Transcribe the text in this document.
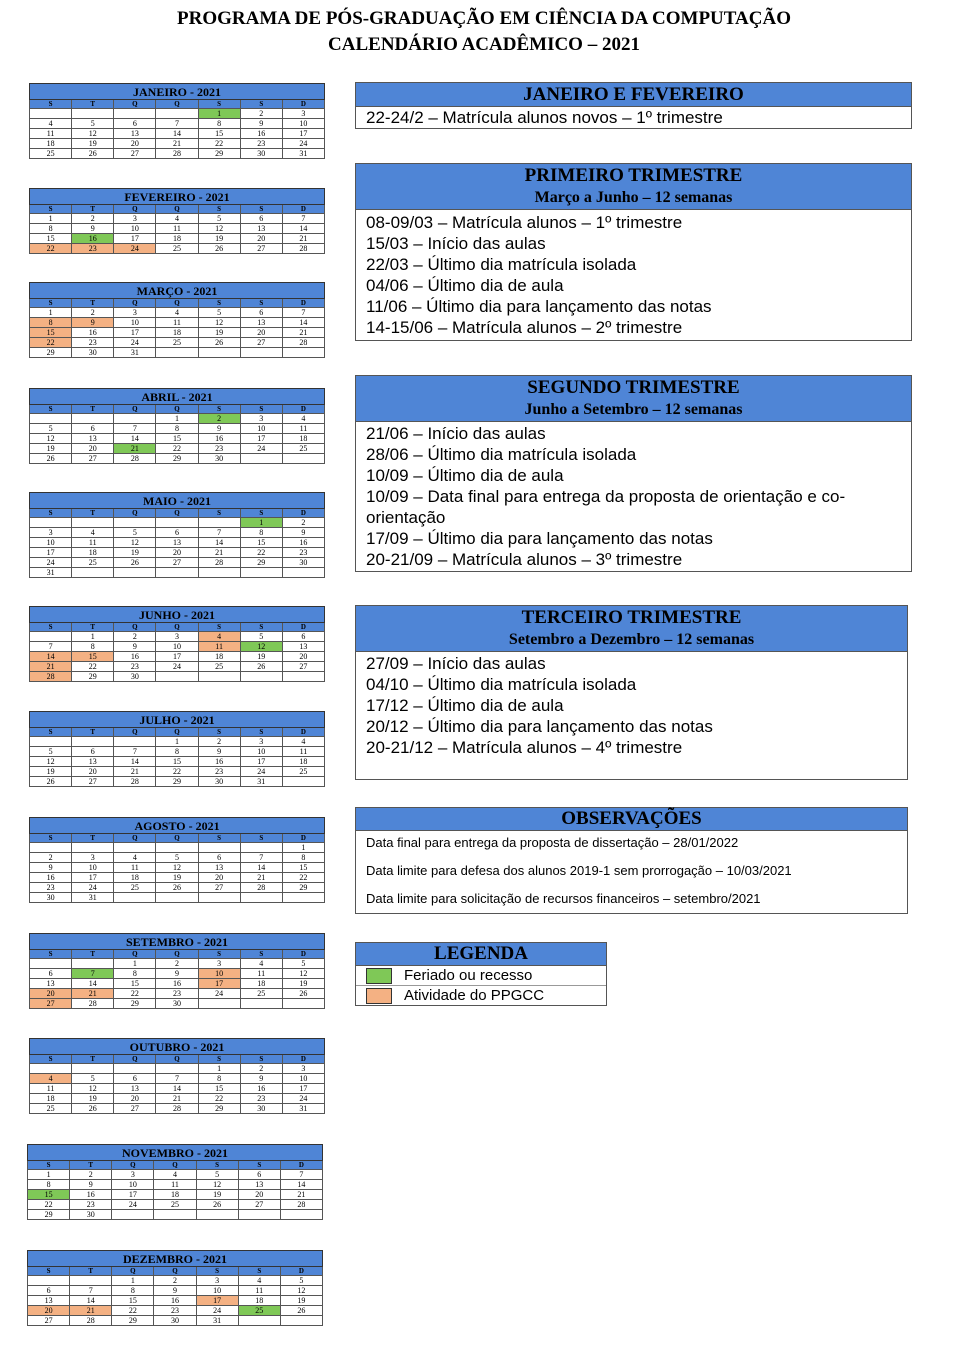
PROGRAMA DE PÓS-GRADUAÇÃO EM CIÊNCIA DA COMPUTAÇÃO
CALENDÁRIO ACADÊMICO – 2021
JANEIRO - 2021						
S	T	Q	Q	S	S	D
				1	2	3
4	5	6	7	8	9	10
11	12	13	14	15	16	17
18	19	20	21	22	23	24
25	26	27	28	29	30	31
FEVEREIRO - 2021						
S	T	Q	Q	S	S	D
1	2	3	4	5	6	7
8	9	10	11	12	13	14
15	16	17	18	19	20	21
22	23	24	25	26	27	28
MARÇO - 2021						
S	T	Q	Q	S	S	D
1	2	3	4	5	6	7
8	9	10	11	12	13	14
15	16	17	18	19	20	21
22	23	24	25	26	27	28
29	30	31				
ABRIL - 2021						
S	T	Q	Q	S	S	D
			1	2	3	4
5	6	7	8	9	10	11
12	13	14	15	16	17	18
19	20	21	22	23	24	25
26	27	28	29	30		
MAIO - 2021						
S	T	Q	Q	S	S	D
					1	2
3	4	5	6	7	8	9
10	11	12	13	14	15	16
17	18	19	20	21	22	23
24	25	26	27	28	29	30
31						
JUNHO - 2021						
S	T	Q	Q	S	S	D
	1	2	3	4	5	6
7	8	9	10	11	12	13
14	15	16	17	18	19	20
21	22	23	24	25	26	27
28	29	30				
JULHO - 2021						
S	T	Q	Q	S	S	D
			1	2	3	4
5	6	7	8	9	10	11
12	13	14	15	16	17	18
19	20	21	22	23	24	25
26	27	28	29	30	31	
AGOSTO - 2021						
S	T	Q	Q	S	S	D
						1
2	3	4	5	6	7	8
9	10	11	12	13	14	15
16	17	18	19	20	21	22
23	24	25	26	27	28	29
30	31					
SETEMBRO - 2021						
S	T	Q	Q	S	S	D
		1	2	3	4	5
6	7	8	9	10	11	12
13	14	15	16	17	18	19
20	21	22	23	24	25	26
27	28	29	30			
OUTUBRO - 2021						
S	T	Q	Q	S	S	D
				1	2	3
4	5	6	7	8	9	10
11	12	13	14	15	16	17
18	19	20	21	22	23	24
25	26	27	28	29	30	31
NOVEMBRO - 2021						
S	T	Q	Q	S	S	D
1	2	3	4	5	6	7
8	9	10	11	12	13	14
15	16	17	18	19	20	21
22	23	24	25	26	27	28
29	30					
DEZEMBRO - 2021						
S	T	Q	Q	S	S	D
		1	2	3	4	5
6	7	8	9	10	11	12
13	14	15	16	17	18	19
20	21	22	23	24	25	26
27	28	29	30	31		
JANEIRO E FEVEREIRO
22-24/2 – Matrícula alunos novos – 1º trimestre
PRIMEIRO TRIMESTRE
Março a Junho – 12 semanas
08-09/03 – Matrícula alunos – 1º trimestre
15/03 – Início das aulas
22/03 – Último dia matrícula isolada
04/06 – Último dia de aula
11/06 – Último dia para lançamento das notas
14-15/06 – Matrícula alunos – 2º trimestre
SEGUNDO TRIMESTRE
Junho a Setembro – 12 semanas
21/06 – Início das aulas
28/06 – Último dia matrícula isolada
10/09 – Último dia de aula
10/09 – Data final para entrega da proposta de orientação e co-orientação
17/09 – Último dia para lançamento das notas
20-21/09 – Matrícula alunos – 3º trimestre
TERCEIRO TRIMESTRE
Setembro a Dezembro – 12 semanas
27/09 – Início das aulas
04/10 – Último dia matrícula isolada
17/12 – Último dia de aula
20/12 – Último dia para lançamento das notas
20-21/12 – Matrícula alunos – 4º trimestre
OBSERVAÇÕES
Data final para entrega da proposta de dissertação – 28/01/2022
Data limite para defesa dos alunos 2019-1 sem prorrogação – 10/03/2021
Data limite para solicitação de recursos financeiros – setembro/2021
LEGENDA
Feriado ou recesso
Atividade do PPGCC
